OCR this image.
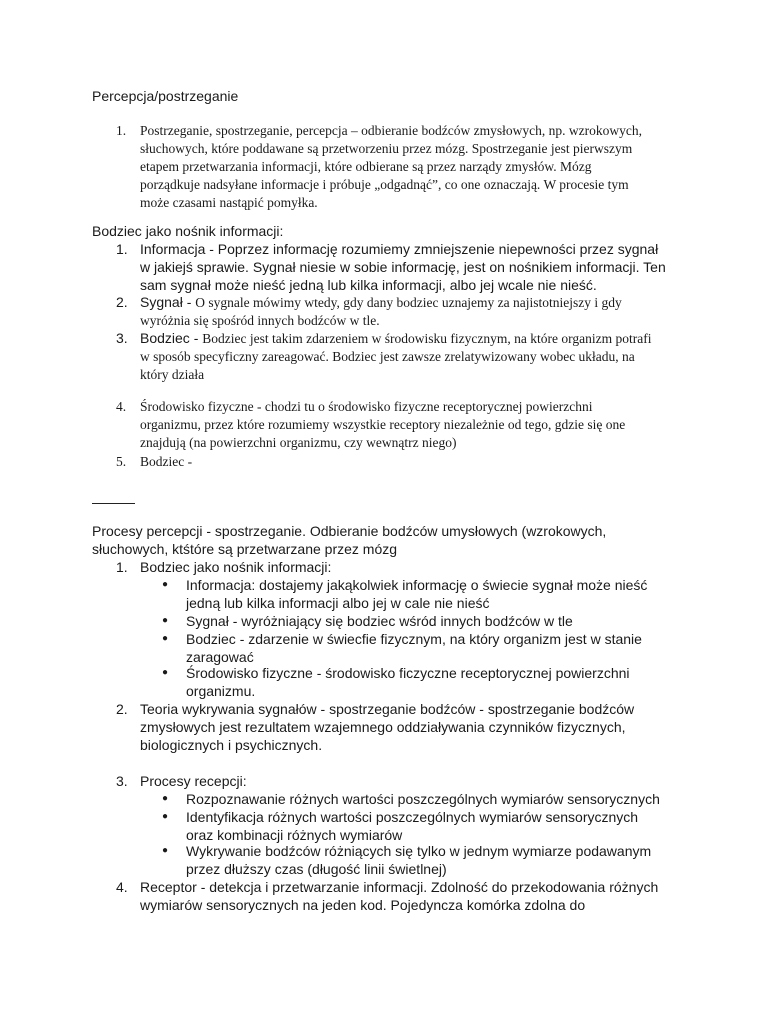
Percepcja/postrzeganie
1.	Postrzeganie, spostrzeganie, percepcja – odbieranie bodźców zmysłowych, np. wzrokowych,
słuchowych, które poddawane są przetworzeniu przez mózg. Spostrzeganie jest pierwszym
etapem przetwarzania informacji, które odbierane są przez narządy zmysłów. Mózg
porządkuje nadsyłane informacje i próbuje „odgadnąć”, co one oznaczają. W procesie tym
może czasami nastąpić pomyłka.
Bodziec jako nośnik informacji:
1. Informacja - Poprzez informację rozumiemy zmniejszenie niepewności przez sygnał
w jakiejś sprawie. Sygnał niesie w sobie informację, jest on nośnikiem informacji. Ten
sam sygnał może nieść jedną lub kilka informacji, albo jej wcale nie nieść.
2. Sygnał - O sygnale mówimy wtedy, gdy dany bodziec uznajemy za najistotniejszy i gdy
wyróżnia się spośród innych bodźców w tle.
3. Bodziec - Bodziec jest takim zdarzeniem w środowisku fizycznym, na które organizm potrafi
w sposób specyficzny zareagować. Bodziec jest zawsze zrelatywizowany wobec układu, na
który działa
4.	Środowisko fizyczne - chodzi tu o środowisko fizyczne receptorycznej powierzchni
organizmu, przez które rozumiemy wszystkie receptory niezależnie od tego, gdzie się one
znajdują (na powierzchni organizmu, czy wewnątrz niego)
5.	Bodziec -
Procesy percepcji - spostrzeganie. Odbieranie bodźców umysłowych (wzrokowych,
słuchowych, ktśtóre są przetwarzane przez mózg
1. Bodziec jako nośnik informacji:
● Informacja: dostajemy jakąkolwiek informację o świecie sygnał może nieść
jedną lub kilka informacji albo jej w cale nie nieść
● Sygnał - wyróżniający się bodziec wśród innych bodźców w tle
● Bodziec - zdarzenie w świecfie fizycznym, na który organizm jest w stanie
zaragować
● Środowisko fizyczne - środowisko ficzyczne receptorycznej powierzchni
organizmu.
2. Teoria wykrywania sygnałów - spostrzeganie bodźców - spostrzeganie bodźców
zmysłowych jest rezultatem wzajemnego oddziaływania czynników fizycznych,
biologicznych i psychicznych.
3. Procesy recepcji:
● Rozpoznawanie różnych wartości poszczególnych wymiarów sensorycznych
● Identyfikacja różnych wartości poszczególnych wymiarów sensorycznych
oraz kombinacji różnych wymiarów
● Wykrywanie bodźców różniących się tylko w jednym wymiarze podawanym
przez dłuższy czas (długość linii świetlnej)
4. Receptor - detekcja i przetwarzanie informacji. Zdolność do przekodowania różnych
wymiarów sensorycznych na jeden kod. Pojedyncza komórka zdolna do
